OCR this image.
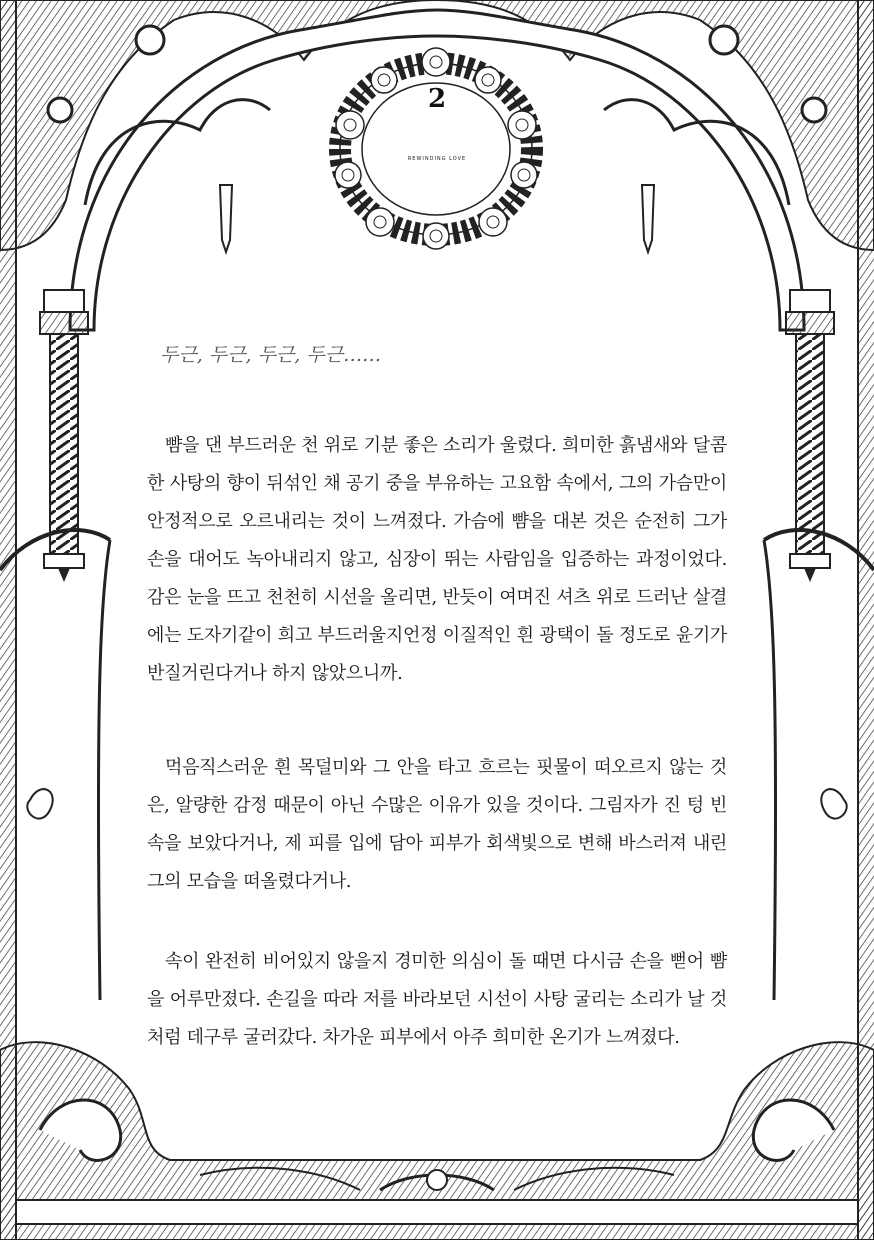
2
REWINDING LOVE
두근, 두근, 두근, 두근……

뺨을 댄 부드러운 천 위로 기분 좋은 소리가 울렸다. 희미한 흙냄새와 달콤한 사탕의 향이 뒤섞인 채 공기 중을 부유하는 고요함 속에서, 그의 가슴만이 안정적으로 오르내리는 것이 느껴졌다. 가슴에 뺨을 대본 것은 순전히 그가 손을 대어도 녹아내리지 않고, 심장이 뛰는 사람임을 입증하는 과정이었다. 감은 눈을 뜨고 천천히 시선을 올리면, 반듯이 여며진 셔츠 위로 드러난 살결에는 도자기같이 희고 부드러울지언정 이질적인 흰 광택이 돌 정도로 윤기가 반질거린다거나 하지 않았으니까.

먹음직스러운 흰 목덜미와 그 안을 타고 흐르는 핏물이 떠오르지 않는 것은, 알량한 감정 때문이 아닌 수많은 이유가 있을 것이다. 그림자가 진 텅 빈 속을 보았다거나, 제 피를 입에 담아 피부가 회색빛으로 변해 바스러져 내린 그의 모습을 떠올렸다거나.

속이 완전히 비어있지 않을지 경미한 의심이 돌 때면 다시금 손을 뻗어 뺨을 어루만졌다. 손길을 따라 저를 바라보던 시선이 사탕 굴리는 소리가 날 것처럼 데구루 굴러갔다. 차가운 피부에서 아주 희미한 온기가 느껴졌다.
